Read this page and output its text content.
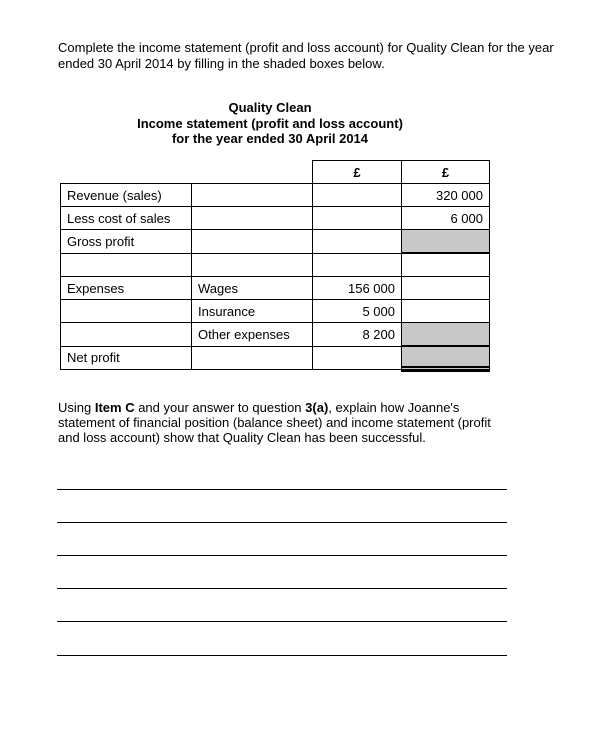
Complete the income statement (profit and loss account) for Quality Clean for the year ended 30 April 2014 by filling in the shaded boxes below.
Quality Clean
Income statement (profit and loss account)
for the year ended 30 April 2014
		£	£
Revenue (sales)			320 000
Less cost of sales			6 000
Gross profit			

Expenses	Wages	156 000	
	Insurance	5 000	
	Other expenses	8 200	
Net profit			
Using Item C and your answer to question 3(a), explain how Joanne's statement of financial position (balance sheet) and income statement (profit and loss account) show that Quality Clean has been successful.
